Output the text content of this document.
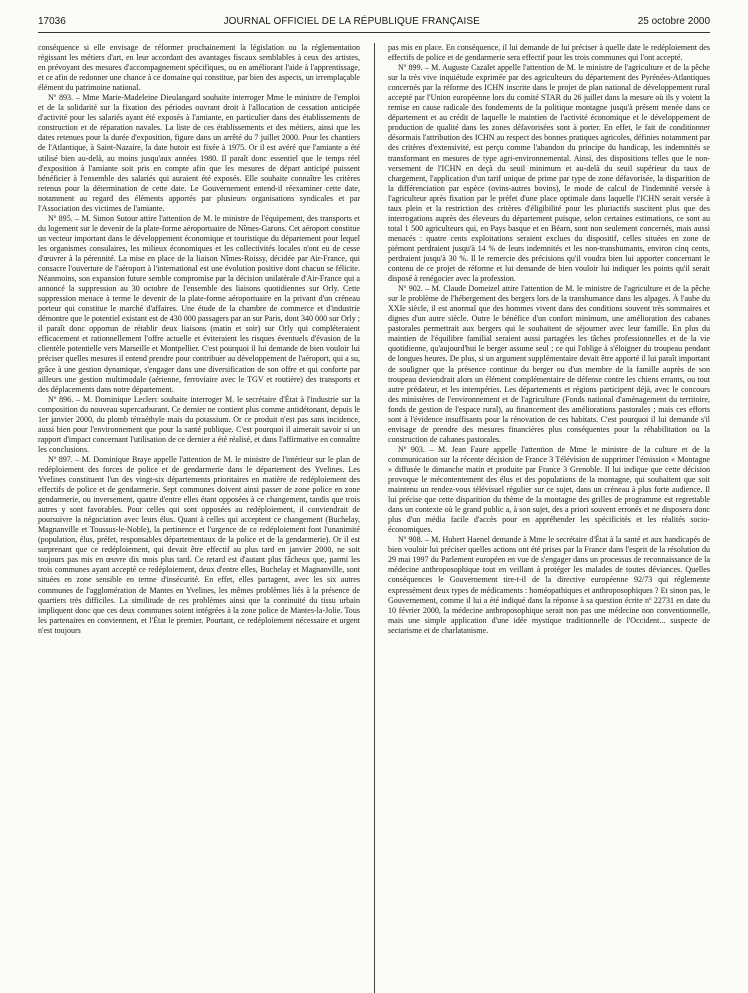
17036	JOURNAL OFFICIEL DE LA RÉPUBLIQUE FRANÇAISE	25 octobre 2000

conséquence si elle envisage de réformer prochainement la législation ou la réglementation régissant les métiers d'art, en leur accordant des avantages fiscaux semblables à ceux des artistes, en prévoyant des mesures d'accompagnement spécifiques, ou en améliorant l'aide à l'apprentissage, et ce afin de redonner une chance à ce domaine qui constitue, par bien des aspects, un irremplaçable élément du patrimoine national.

Nº 893. – Mme Marie-Madeleine Dieulangard souhaite interroger Mme le ministre de l'emploi et de la solidarité sur la fixation des périodes ouvrant droit à l'allocation de cessation anticipée d'activité pour les salariés ayant été exposés à l'amiante, en particulier dans des établissements de construction et de réparation navales. La liste de ces établissements et des métiers, ainsi que les dates retenues pour la durée d'exposition, figure dans un arrêté du 7 juillet 2000. Pour les chantiers de l'Atlantique, à Saint-Nazaire, la date butoir est fixée à 1975. Or il est avéré que l'amiante a été utilisé bien au-delà, au moins jusqu'aux années 1980. Il paraît donc essentiel que le temps réel d'exposition à l'amiante soit pris en compte afin que les mesures de départ anticipé puissent bénéficier à l'ensemble des salariés qui auraient été exposés. Elle souhaite connaître les critères retenus pour la détermination de cette date. Le Gouvernement entend-il réexaminer cette date, notamment au regard des éléments apportés par plusieurs organisations syndicales et par l'Association des victimes de l'amiante.

Nº 895. – M. Simon Sutour attire l'attention de M. le ministre de l'équipement, des transports et du logement sur le devenir de la plate-forme aéroportuaire de Nîmes-Garons. Cet aéroport constitue un vecteur important dans le développement économique et touristique du département pour lequel les organismes consulaires, les milieux économiques et les collectivités locales n'ont eu de cesse d'œuvrer à la pérennité. La mise en place de la liaison Nîmes-Roissy, décidée par Air-France, qui consacre l'ouverture de l'aéroport à l'international est une évolution positive dont chacun se félicite. Néanmoins, son expansion future semble compromise par la décision unilatérale d'Air-France qui a annoncé la suppression au 30 octobre de l'ensemble des liaisons quotidiennes sur Orly. Cette suppression menace à terme le devenir de la plate-forme aéroportuaire en la privant d'un créneau porteur qui constitue le marché d'affaires. Une étude de la chambre de commerce et d'industrie démontre que le potentiel existant est de 430 000 passagers par an sur Paris, dont 340 000 sur Orly ; il paraît donc opportun de rétablir deux liaisons (matin et soir) sur Orly qui compléteraient efficacement et rationnellement l'offre actuelle et éviteraient les risques éventuels d'évasion de la clientèle potentielle vers Marseille et Montpellier. C'est pourquoi il lui demande de bien vouloir lui préciser quelles mesures il entend prendre pour contribuer au développement de l'aéroport, qui a su, grâce à une gestion dynamique, s'engager dans une diversification de son offre et qui conforte par ailleurs une gestion multimodale (aérienne, ferroviaire avec le TGV et routière) des transports et des déplacements dans notre département.

Nº 896. – M. Dominique Leclerc souhaite interroger M. le secrétaire d'État à l'industrie sur la composition du nouveau supercarburant. Ce dernier ne contient plus comme antidétonant, depuis le 1er janvier 2000, du plomb tétraéthyle mais du potassium. Or ce produit n'est pas sans incidence, aussi bien pour l'environnement que pour la santé publique. C'est pourquoi il aimerait savoir si un rapport d'impact concernant l'utilisation de ce dernier a été réalisé, et dans l'affirmative en connaître les conclusions.

Nº 897. – M. Dominique Braye appelle l'attention de M. le ministre de l'intérieur sur le plan de redéploiement des forces de police et de gendarmerie dans le département des Yvelines. Les Yvelines constituent l'un des vingt-six départements prioritaires en matière de redéploiement des effectifs de police et de gendarmerie. Sept communes doivent ainsi passer de zone police en zone gendarmerie, ou inversement, quatre d'entre elles étant opposées à ce changement, tandis que trois autres y sont favorables. Pour celles qui sont opposées au redéploiement, il conviendrait de poursuivre la négociation avec leurs élus. Quant à celles qui acceptent ce changement (Buchelay, Magnanville et Toussus-le-Noble), la pertinence et l'urgence de ce redéploiement font l'unanimité (population, élus, préfet, responsables départementaux de la police et de la gendarmerie). Or il est surprenant que ce redéploiement, qui devait être effectif au plus tard en janvier 2000, ne soit toujours pas mis en œuvre dix mois plus tard. Ce retard est d'autant plus fâcheux que, parmi les trois communes ayant accepté ce redéploiement, deux d'entre elles, Buchelay et Magnanville, sont situées en zone sensible en terme d'insécurité. En effet, elles partagent, avec les six autres communes de l'agglomération de Mantes en Yvelines, les mêmes problèmes liés à la présence de quartiers très difficiles. La similitude de ces problèmes ainsi que la continuité du tissu urbain impliquent donc que ces deux communes soient intégrées à la zone police de Mantes-la-Jolie. Tous les partenaires en conviennent, et l'État le premier. Pourtant, ce redéploiement nécessaire et urgent n'est toujours

pas mis en place. En conséquence, il lui demande de lui préciser à quelle date le redéploiement des effectifs de police et de gendarmerie sera effectif pour les trois communes qui l'ont accepté.

Nº 899. – M. Auguste Cazalet appelle l'attention de M. le ministre de l'agriculture et de la pêche sur la très vive inquiétude exprimée par des agriculteurs du département des Pyrénées-Atlantiques concernés par la réforme des ICHN inscrite dans le projet de plan national de développement rural accepté par l'Union européenne lors du comité STAR du 26 juillet dans la mesure où ils y voient la remise en cause radicale des fondements de la politique montagne jusqu'à présent menée dans ce département et au crédit de laquelle le maintien de l'activité économique et le développement de production de qualité dans les zones défavorisées sont à porter. En effet, le fait de conditionner désormais l'attribution des ICHN au respect des bonnes pratiques agricoles, définies notamment par des critères d'extensivité, est perçu comme l'abandon du principe du handicap, les indemnités se transformant en mesures de type agri-environnemental. Ainsi, des dispositions telles que le non-versement de l'ICHN en deçà du seuil minimum et au-delà du seuil supérieur du taux de chargement, l'application d'un tarif unique de prime par type de zone défavorisée, la disparition de la différenciation par espèce (ovins-autres bovins), le mode de calcul de l'indemnité versée à l'agriculteur après fixation par le préfet d'une place optimale dans laquelle l'ICHN serait versée à taux plein et la restriction des critères d'éligibilité pour les pluriactifs suscitent plus que des interrogations auprès des éleveurs du département puisque, selon certaines estimations, ce sont au total 1 500 agriculteurs qui, en Pays basque et en Béarn, sont non seulement concernés, mais aussi menacés : quatre cents exploitations seraient exclues du dispositif, celles situées en zone de piémont perdraient jusqu'à 14 % de leurs indemnités et les non-transhumants, environ cinq cents, perdraient jusqu'à 30 %. Il le remercie des précisions qu'il voudra bien lui apporter concernant le contenu de ce projet de réforme et lui demande de bien vouloir lui indiquer les points qu'il serait disposé à renégocier avec la profession.

Nº 902. – M. Claude Domeizel attire l'attention de M. le ministre de l'agriculture et de la pêche sur le problème de l'hébergement des bergers lors de la transhumance dans les alpages. À l'aube du XXIe siècle, il est anormal que des hommes vivent dans des conditions souvent très sommaires et dignes d'un autre siècle. Outre le bénéfice d'un confort minimum, une amélioration des cabanes pastorales permettrait aux bergers qui le souhaitent de séjourner avec leur famille. En plus du maintien de l'équilibre familial seraient aussi partagées les tâches professionnelles et de la vie quotidienne, qu'aujourd'hui le berger assume seul ; ce qui l'oblige à s'éloigner du troupeau pendant de longues heures. De plus, si un argument supplémentaire devait être apporté il lui paraît important de souligner que la présence continue du berger ou d'un membre de la famille auprès de son troupeau deviendrait alors un élément complémentaire de défense contre les chiens errants, ou tout autre prédateur, et les intempéries. Les départements et régions participent déjà, avec le concours des ministères de l'environnement et de l'agriculture (Fonds national d'aménagement du territoire, fonds de gestion de l'espace rural), au financement des améliorations pastorales ; mais ces efforts sont à l'évidence insuffisants pour la rénovation de ces habitats. C'est pourquoi il lui demande s'il envisage de prendre des mesures financières plus conséquentes pour la réhabilitation ou la construction de cabanes pastorales.

Nº 903. – M. Jean Faure appelle l'attention de Mme le ministre de la culture et de la communication sur la récente décision de France 3 Télévision de supprimer l'émission « Montagne » diffusée le dimanche matin et produite par France 3 Grenoble. Il lui indique que cette décision provoque le mécontentement des élus et des populations de la montagne, qui souhaitent que soit maintenu un rendez-vous télévisuel régulier sur ce sujet, dans un créneau à plus forte audience. Il lui précise que cette disparition du thème de la montagne des grilles de programme est regrettable dans un contexte où le grand public a, à son sujet, des a priori souvent erronés et ne disposera donc plus d'un média facile d'accès pour en appréhender les spécificités et les réalités socio-économiques.

Nº 908. – M. Hubert Haenel demande à Mme le secrétaire d'État à la santé et aux handicapés de bien vouloir lui préciser quelles actions ont été prises par la France dans l'esprit de la résolution du 29 mai 1997 du Parlement européen en vue de s'engager dans un processus de reconnaissance de la médecine anthroposophique tout en veillant à protéger les malades de toutes déviances. Quelles conséquences le Gouvernement tire-t-il de la directive européenne 92/73 qui réglemente expressément deux types de médicaments : homéopathiques et anthroposophiques ? Et sinon pas, le Gouvernement, comme il lui a été indiqué dans la réponse à sa question écrite nº 22731 en date du 10 février 2000, la médecine anthroposophique serait non pas une médecine non conventionnelle, mais une simple application d'une idée mystique traditionnelle de l'Occident... suspecte de sectarisme et de charlatanisme.
